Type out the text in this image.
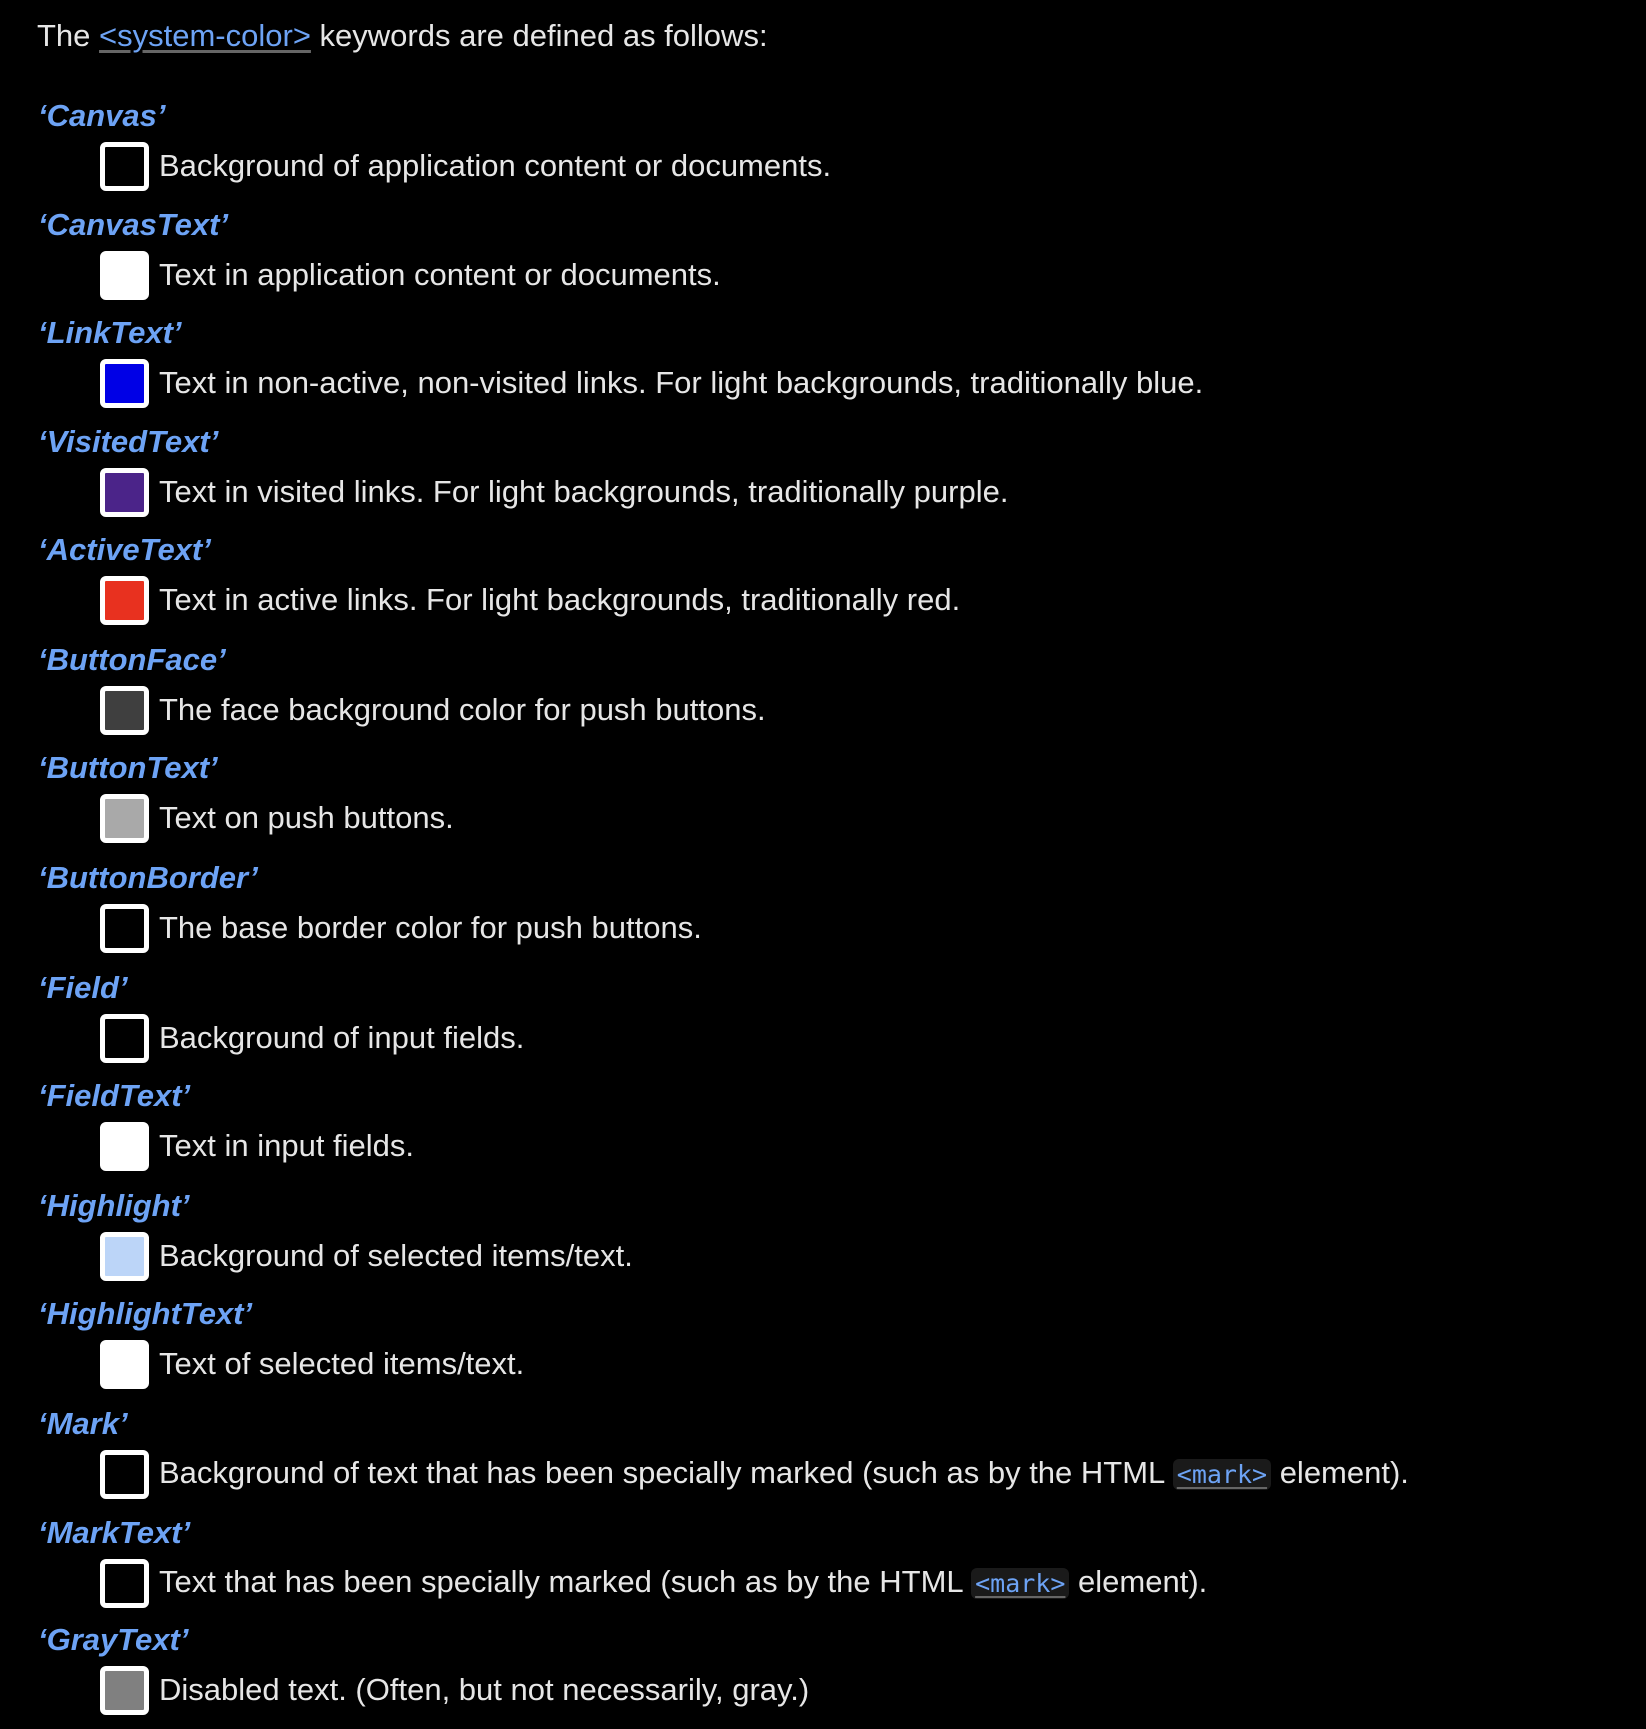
The <system-color> keywords are defined as follows:

‘Canvas’
Background of application content or documents.
‘CanvasText’
Text in application content or documents.
‘LinkText’
Text in non-active, non-visited links. For light backgrounds, traditionally blue.
‘VisitedText’
Text in visited links. For light backgrounds, traditionally purple.
‘ActiveText’
Text in active links. For light backgrounds, traditionally red.
‘ButtonFace’
The face background color for push buttons.
‘ButtonText’
Text on push buttons.
‘ButtonBorder’
The base border color for push buttons.
‘Field’
Background of input fields.
‘FieldText’
Text in input fields.
‘Highlight’
Background of selected items/text.
‘HighlightText’
Text of selected items/text.
‘Mark’
Background of text that has been specially marked (such as by the HTML <mark> element).
‘MarkText’
Text that has been specially marked (such as by the HTML <mark> element).
‘GrayText’
Disabled text. (Often, but not necessarily, gray.)
